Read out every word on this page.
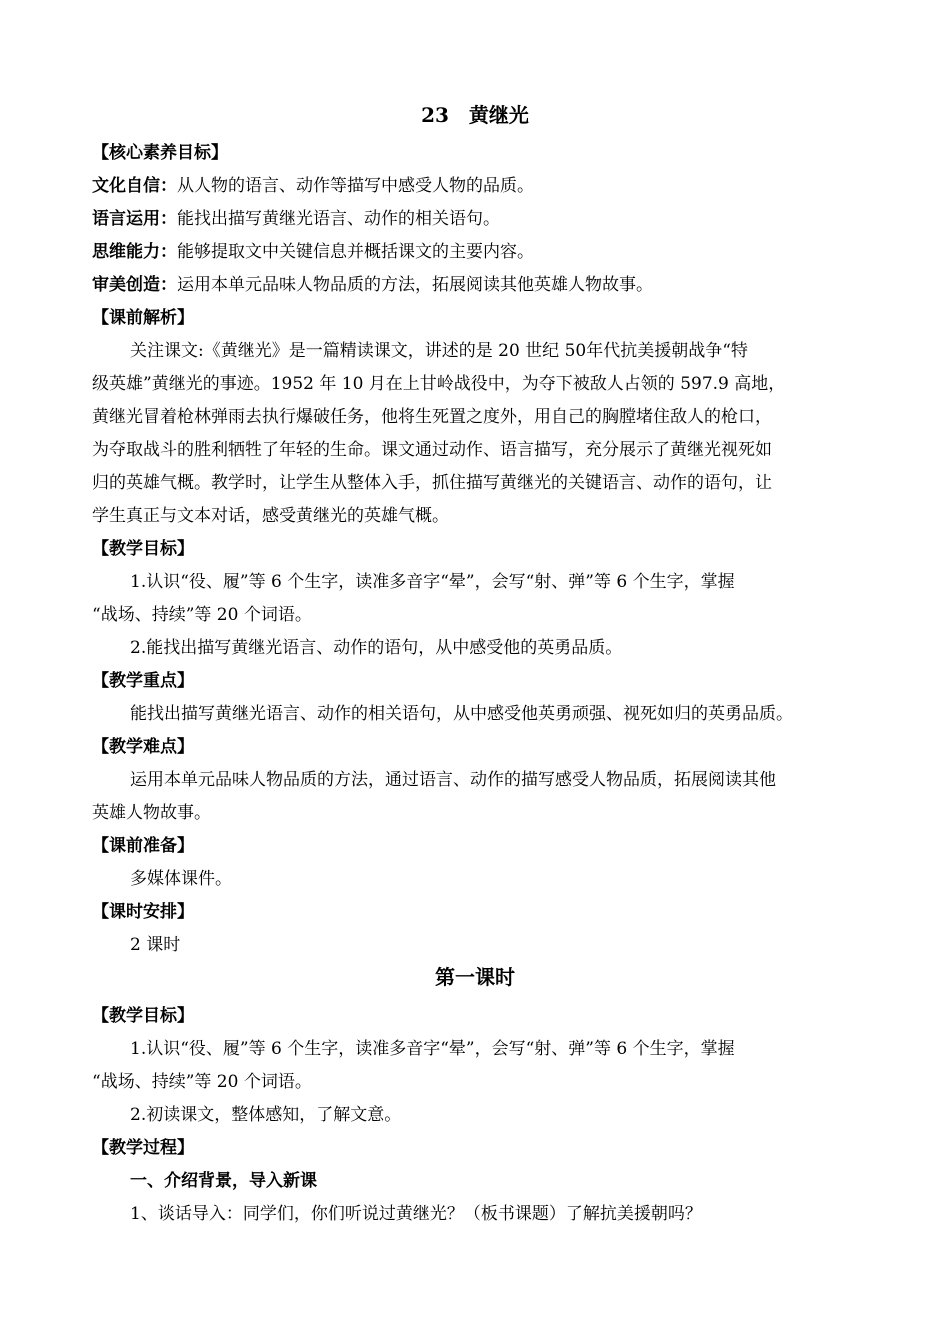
23　黄继光
【核心素养目标】
文化自信：从人物的语言、动作等描写中感受人物的品质。
语言运用：能找出描写黄继光语言、动作的相关语句。
思维能力：能够提取文中关键信息并概括课文的主要内容。
审美创造：运用本单元品味人物品质的方法，拓展阅读其他英雄人物故事。
【课前解析】
关注课文:《黄继光》是一篇精读课文，讲述的是 20 世纪 50年代抗美援朝战争“特
级英雄”黄继光的事迹。1952 年 10 月在上甘岭战役中，为夺下被敌人占领的 597.9 高地，
黄继光冒着枪林弹雨去执行爆破任务，他将生死置之度外，用自己的胸膛堵住敌人的枪口，
为夺取战斗的胜利牺牲了年轻的生命。课文通过动作、语言描写，充分展示了黄继光视死如
归的英雄气概。教学时，让学生从整体入手，抓住描写黄继光的关键语言、动作的语句，让
学生真正与文本对话，感受黄继光的英雄气概。
【教学目标】
1.认识“役、履”等 6 个生字，读准多音字“晕”，会写“射、弹”等 6 个生字，掌握
“战场、持续”等 20 个词语。
2.能找出描写黄继光语言、动作的语句，从中感受他的英勇品质。
【教学重点】
能找出描写黄继光语言、动作的相关语句，从中感受他英勇顽强、视死如归的英勇品质。
【教学难点】
运用本单元品味人物品质的方法，通过语言、动作的描写感受人物品质，拓展阅读其他
英雄人物故事。
【课前准备】
多媒体课件。
【课时安排】
2 课时
第一课时
【教学目标】
1.认识“役、履”等 6 个生字，读准多音字“晕”，会写“射、弹”等 6 个生字，掌握
“战场、持续”等 20 个词语。
2.初读课文，整体感知，了解文意。
【教学过程】
一、介绍背景，导入新课
1、谈话导入：同学们，你们听说过黄继光？（板书课题）了解抗美援朝吗？
